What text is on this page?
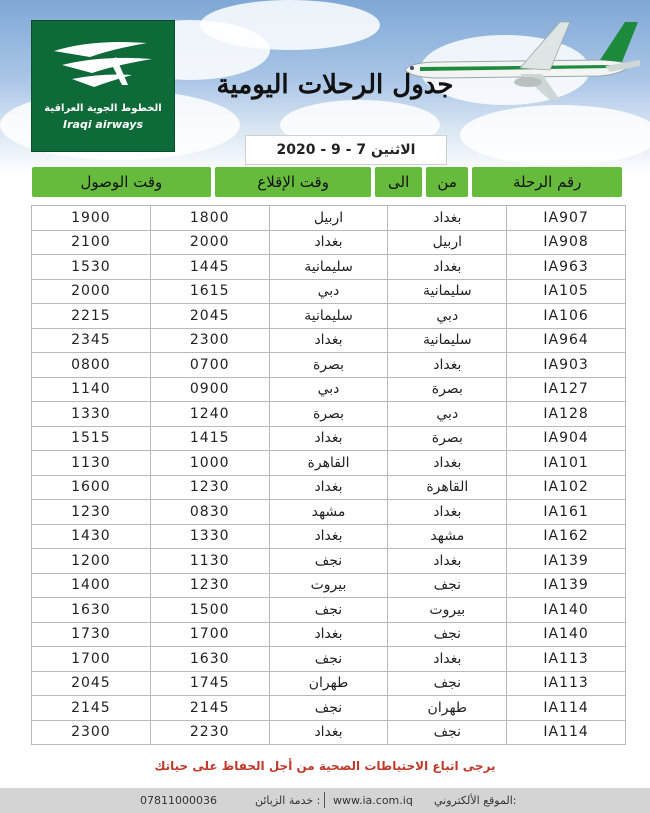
الخطوط الجوية العراقية
Iraqi airways
جدول الرحلات اليومية
الاثنين 7 - 9 - 2020
رقم الرحلة	من	الى	وقت الإقلاع	وقت الوصول
IA907	بغداد	اربيل	1800	1900
IA908	اربيل	بغداد	2000	2100
IA963	بغداد	سليمانية	1445	1530
IA105	سليمانية	دبي	1615	2000
IA106	دبي	سليمانية	2045	2215
IA964	سليمانية	بغداد	2300	2345
IA903	بغداد	بصرة	0700	0800
IA127	بصرة	دبي	0900	1140
IA128	دبي	بصرة	1240	1330
IA904	بصرة	بغداد	1415	1515
IA101	بغداد	القاهرة	1000	1130
IA102	القاهرة	بغداد	1230	1600
IA161	بغداد	مشهد	0830	1230
IA162	مشهد	بغداد	1330	1430
IA139	بغداد	نجف	1130	1200
IA139	نجف	بيروت	1230	1400
IA140	بيروت	نجف	1500	1630
IA140	نجف	بغداد	1700	1730
IA113	بغداد	نجف	1630	1700
IA113	نجف	طهران	1745	2045
IA114	طهران	نجف	2145	2145
IA114	نجف	بغداد	2230	2300
يرجى اتباع الاحتياطات الصحية من أجل الحفاظ على حياتك
الموقع الألكتروني:
www.ia.com.iq
خدمة الزبائن :
07811000036
